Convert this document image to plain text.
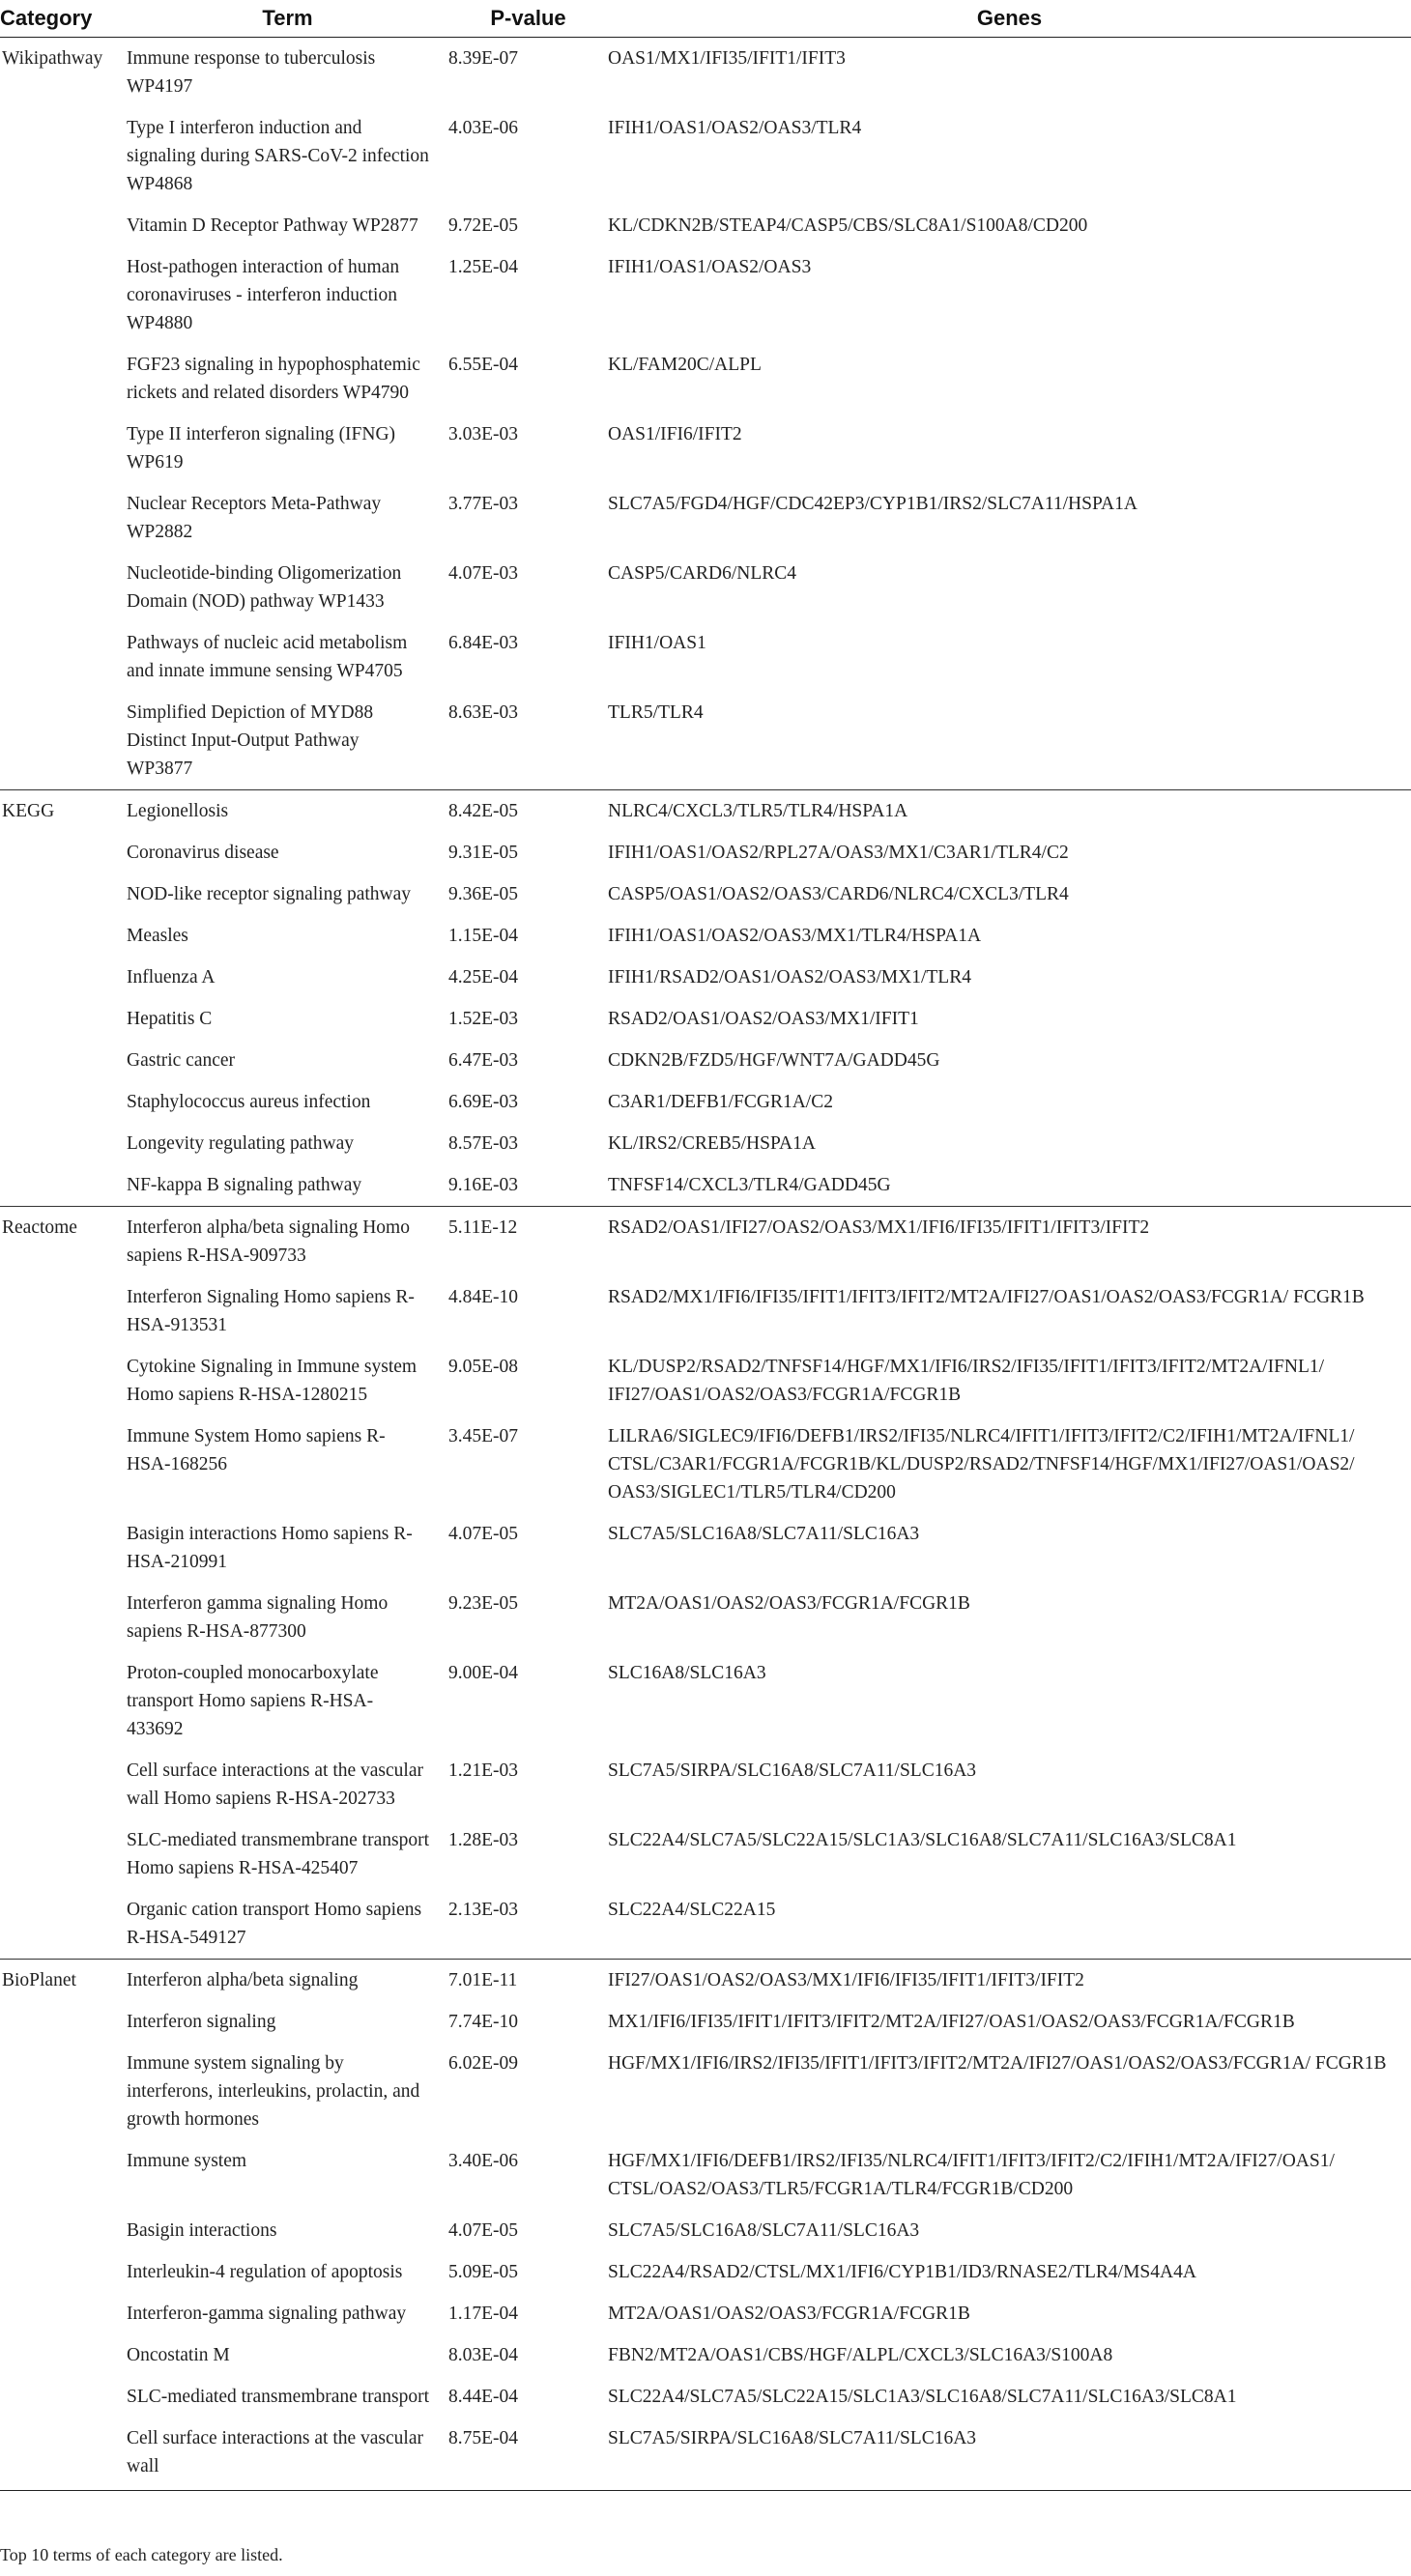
Category	Term	P-value	Genes
Wikipathway	Immune response to tuberculosis WP4197	8.39E-07	OAS1/MX1/IFI35/IFIT1/IFIT3
	Type I interferon induction and signaling during SARS-CoV-2 infection WP4868	4.03E-06	IFIH1/OAS1/OAS2/OAS3/TLR4
	Vitamin D Receptor Pathway WP2877	9.72E-05	KL/CDKN2B/STEAP4/CASP5/CBS/SLC8A1/S100A8/CD200
	Host-pathogen interaction of human coronaviruses - interferon induction WP4880	1.25E-04	IFIH1/OAS1/OAS2/OAS3
	FGF23 signaling in hypophosphatemic rickets and related disorders WP4790	6.55E-04	KL/FAM20C/ALPL
	Type II interferon signaling (IFNG) WP619	3.03E-03	OAS1/IFI6/IFIT2
	Nuclear Receptors Meta-Pathway WP2882	3.77E-03	SLC7A5/FGD4/HGF/CDC42EP3/CYP1B1/IRS2/SLC7A11/HSPA1A
	Nucleotide-binding Oligomerization Domain (NOD) pathway WP1433	4.07E-03	CASP5/CARD6/NLRC4
	Pathways of nucleic acid metabolism and innate immune sensing WP4705	6.84E-03	IFIH1/OAS1
	Simplified Depiction of MYD88 Distinct Input-Output Pathway WP3877	8.63E-03	TLR5/TLR4
KEGG	Legionellosis	8.42E-05	NLRC4/CXCL3/TLR5/TLR4/HSPA1A
	Coronavirus disease	9.31E-05	IFIH1/OAS1/OAS2/RPL27A/OAS3/MX1/C3AR1/TLR4/C2
	NOD-like receptor signaling pathway	9.36E-05	CASP5/OAS1/OAS2/OAS3/CARD6/NLRC4/CXCL3/TLR4
	Measles	1.15E-04	IFIH1/OAS1/OAS2/OAS3/MX1/TLR4/HSPA1A
	Influenza A	4.25E-04	IFIH1/RSAD2/OAS1/OAS2/OAS3/MX1/TLR4
	Hepatitis C	1.52E-03	RSAD2/OAS1/OAS2/OAS3/MX1/IFIT1
	Gastric cancer	6.47E-03	CDKN2B/FZD5/HGF/WNT7A/GADD45G
	Staphylococcus aureus infection	6.69E-03	C3AR1/DEFB1/FCGR1A/C2
	Longevity regulating pathway	8.57E-03	KL/IRS2/CREB5/HSPA1A
	NF-kappa B signaling pathway	9.16E-03	TNFSF14/CXCL3/TLR4/GADD45G
Reactome	Interferon alpha/beta signaling Homo sapiens R-HSA-909733	5.11E-12	RSAD2/OAS1/IFI27/OAS2/OAS3/MX1/IFI6/IFI35/IFIT1/IFIT3/IFIT2
	Interferon Signaling Homo sapiens R-HSA-913531	4.84E-10	RSAD2/MX1/IFI6/IFI35/IFIT1/IFIT3/IFIT2/MT2A/IFI27/OAS1/OAS2/OAS3/FCGR1A/ FCGR1B
	Cytokine Signaling in Immune system Homo sapiens R-HSA-1280215	9.05E-08	KL/DUSP2/RSAD2/TNFSF14/HGF/MX1/IFI6/IRS2/IFI35/IFIT1/IFIT3/IFIT2/MT2A/IFNL1/ IFI27/OAS1/OAS2/OAS3/FCGR1A/FCGR1B
	Immune System Homo sapiens R-HSA-168256	3.45E-07	LILRA6/SIGLEC9/IFI6/DEFB1/IRS2/IFI35/NLRC4/IFIT1/IFIT3/IFIT2/C2/IFIH1/MT2A/IFNL1/ CTSL/C3AR1/FCGR1A/FCGR1B/KL/DUSP2/RSAD2/TNFSF14/HGF/MX1/IFI27/OAS1/OAS2/ OAS3/SIGLEC1/TLR5/TLR4/CD200
	Basigin interactions Homo sapiens R-HSA-210991	4.07E-05	SLC7A5/SLC16A8/SLC7A11/SLC16A3
	Interferon gamma signaling Homo sapiens R-HSA-877300	9.23E-05	MT2A/OAS1/OAS2/OAS3/FCGR1A/FCGR1B
	Proton-coupled monocarboxylate transport Homo sapiens R-HSA-433692	9.00E-04	SLC16A8/SLC16A3
	Cell surface interactions at the vascular wall Homo sapiens R-HSA-202733	1.21E-03	SLC7A5/SIRPA/SLC16A8/SLC7A11/SLC16A3
	SLC-mediated transmembrane transport Homo sapiens R-HSA-425407	1.28E-03	SLC22A4/SLC7A5/SLC22A15/SLC1A3/SLC16A8/SLC7A11/SLC16A3/SLC8A1
	Organic cation transport Homo sapiens R-HSA-549127	2.13E-03	SLC22A4/SLC22A15
BioPlanet	Interferon alpha/beta signaling	7.01E-11	IFI27/OAS1/OAS2/OAS3/MX1/IFI6/IFI35/IFIT1/IFIT3/IFIT2
	Interferon signaling	7.74E-10	MX1/IFI6/IFI35/IFIT1/IFIT3/IFIT2/MT2A/IFI27/OAS1/OAS2/OAS3/FCGR1A/FCGR1B
	Immune system signaling by interferons, interleukins, prolactin, and growth hormones	6.02E-09	HGF/MX1/IFI6/IRS2/IFI35/IFIT1/IFIT3/IFIT2/MT2A/IFI27/OAS1/OAS2/OAS3/FCGR1A/ FCGR1B
	Immune system	3.40E-06	HGF/MX1/IFI6/DEFB1/IRS2/IFI35/NLRC4/IFIT1/IFIT3/IFIT2/C2/IFIH1/MT2A/IFI27/OAS1/ CTSL/OAS2/OAS3/TLR5/FCGR1A/TLR4/FCGR1B/CD200
	Basigin interactions	4.07E-05	SLC7A5/SLC16A8/SLC7A11/SLC16A3
	Interleukin-4 regulation of apoptosis	5.09E-05	SLC22A4/RSAD2/CTSL/MX1/IFI6/CYP1B1/ID3/RNASE2/TLR4/MS4A4A
	Interferon-gamma signaling pathway	1.17E-04	MT2A/OAS1/OAS2/OAS3/FCGR1A/FCGR1B
	Oncostatin M	8.03E-04	FBN2/MT2A/OAS1/CBS/HGF/ALPL/CXCL3/SLC16A3/S100A8
	SLC-mediated transmembrane transport	8.44E-04	SLC22A4/SLC7A5/SLC22A15/SLC1A3/SLC16A8/SLC7A11/SLC16A3/SLC8A1
	Cell surface interactions at the vascular wall	8.75E-04	SLC7A5/SIRPA/SLC16A8/SLC7A11/SLC16A3
Top 10 terms of each category are listed.
